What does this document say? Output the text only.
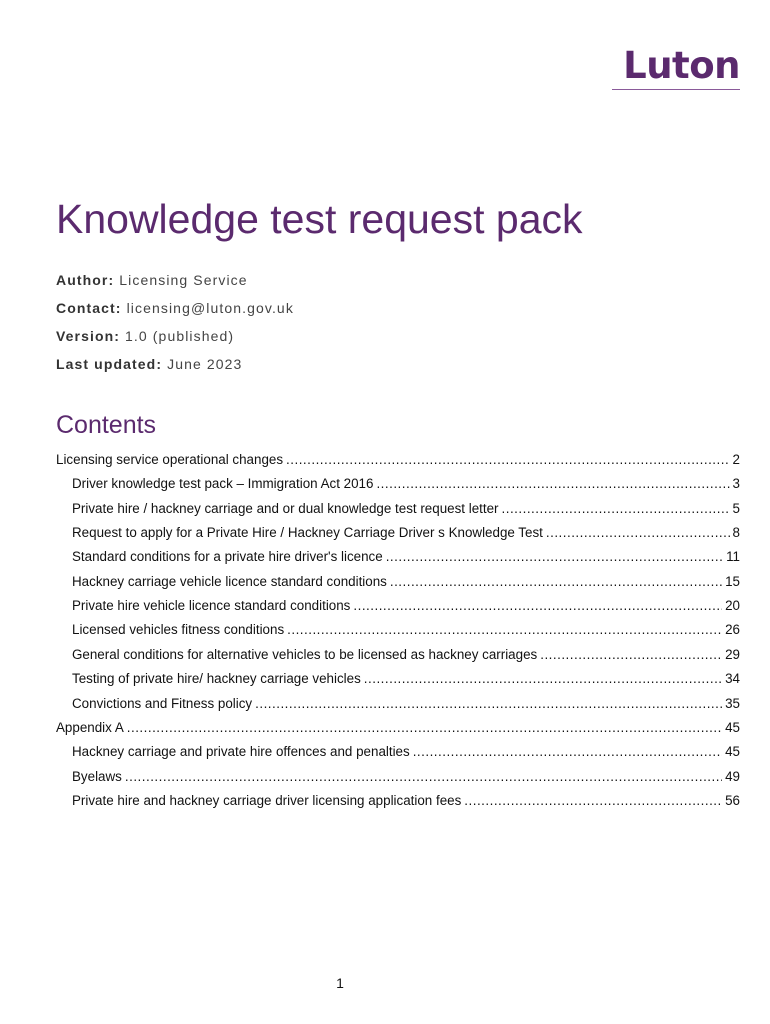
Luton
Knowledge test request pack
Author: Licensing Service
Contact: licensing@luton.gov.uk
Version: 1.0 (published)
Last updated: June 2023
Contents
Licensing service operational changes .....	2
Driver knowledge test pack – Immigration Act 2016 .....	3
Private hire / hackney carriage and or dual knowledge test request letter .....	5
Request to apply for a Private Hire / Hackney Carriage Driver s Knowledge Test .....	8
Standard conditions for a private hire driver's licence .....	11
Hackney carriage vehicle licence standard conditions .....	15
Private hire vehicle licence standard conditions .....	20
Licensed vehicles fitness conditions .....	26
General conditions for alternative vehicles to be licensed as hackney carriages .....	29
Testing of private hire/ hackney carriage vehicles .....	34
Convictions and Fitness policy .....	35
Appendix A .....	45
Hackney carriage and private hire offences and penalties .....	45
Byelaws .....	49
Private hire and hackney carriage driver licensing application fees .....	56
1
